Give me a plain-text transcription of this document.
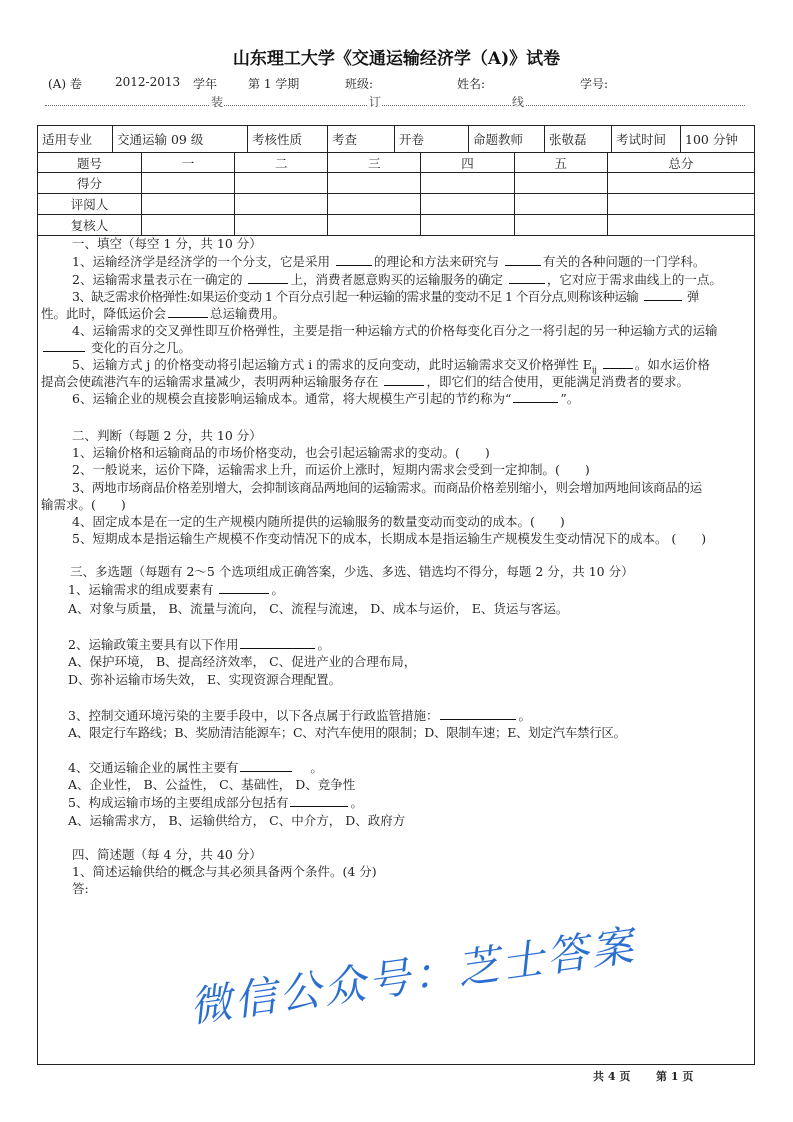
山东理工大学《交通运输经济学（A)》试卷
(A) 卷	2012-2013 学年	第 1 学期	班级:	姓名:	学号:
装	订	线
适用专业	交通运输 09 级	考核性质	考查	开卷	命题教师	张敬磊	考试时间	100 分钟
题号	一	二	三	四	五	总分
得分						
评阅人						
复核人						
一、填空（每空 1 分，共 10 分）
1、运输经济学是经济学的一个分支，它是采用	的理论和方法来研究与	有关的各种问题的一门学科。
2、运输需求量表示在一确定的	上，消费者愿意购买的运输服务的确定	，它对应于需求曲线上的一点。
3、缺乏需求价格弹性:如果运价变动 1 个百分点引起一种运输的需求量的变动不足 1 个百分点,则称该种运输	弹
性。此时，降低运价会	总运输费用。
4、运输需求的交叉弹性即互价格弹性，主要是指一种运输方式的价格每变化百分之一将引起的另一种运输方式的运输
变化的百分之几。
5、运输方式 j 的价格变动将引起运输方式 i 的需求的反向变动，此时运输需求交叉价格弹性 $E_{ij}$	。如水运价格
提高会使疏港汽车的运输需求量减少，表明两种运输服务存在	，即它们的结合使用，更能满足消费者的要求。
6、运输企业的规模会直接影响运输成本。通常，将大规模生产引起的节约称为“	”。
二、判断（每题 2 分，共 10 分）
1、运输价格和运输商品的市场价格变动，也会引起运输需求的变动。(　　)
2、一般说来，运价下降，运输需求上升，而运价上涨时，短期内需求会受到一定抑制。(　　)
3、两地市场商品价格差别增大，会抑制该商品两地间的运输需求。而商品价格差别缩小，则会增加两地间该商品的运
输需求。(　　)
4、固定成本是在一定的生产规模内随所提供的运输服务的数量变动而变动的成本。(　　)
5、短期成本是指运输生产规模不作变动情况下的成本，长期成本是指运输生产规模发生变动情况下的成本。 (　　)
三、多选题（每题有 2～5 个选项组成正确答案，少选、多选、错选均不得分，每题 2 分，共 10 分）
1、运输需求的组成要素有	。
A、对象与质量， B、流量与流向， C、流程与流速， D、成本与运价， E、货运与客运。
2、运输政策主要具有以下作用	。
A、保护环境， B、提高经济效率， C、促进产业的合理布局，
D、弥补运输市场失效， E、实现资源合理配置。
3、控制交通环境污染的主要手段中，以下各点属于行政监管措施：	。
A、限定行车路线；B、奖励清洁能源车；C、对汽车使用的限制；D、限制车速；E、划定汽车禁行区。
4、交通运输企业的属性主要有	。
A、企业性， B、公益性， C、基础性， D、竞争性
5、构成运输市场的主要组成部分包括有	。
A、运输需求方， B、运输供给方， C、中介方， D、政府方
四、简述题（每 4 分，共 40 分）
1、简述运输供给的概念与其必须具备两个条件。(4 分)
答:
微信公众号：芝士答案
共 4 页 第 1 页
